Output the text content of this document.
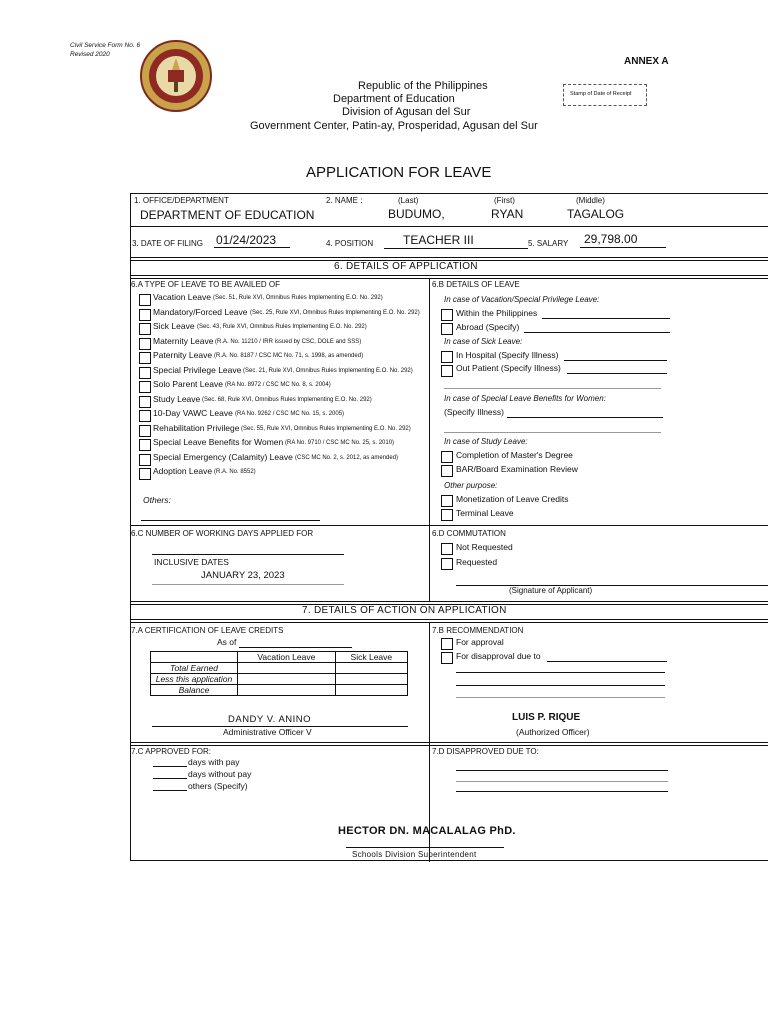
Civil Service Form No. 6
Revised 2020
ANNEX A
Stamp of Date of Receipt
Republic of the Philippines
Department of Education
Division of Agusan del Sur
Government Center, Patin-ay, Prosperidad, Agusan del Sur
APPLICATION FOR LEAVE
1. OFFICE/DEPARTMENT
DEPARTMENT OF EDUCATION
2. NAME :	(Last)	(First)	(Middle)
BUDUMO,	RYAN	TAGALOG
3. DATE OF FILING 01/24/2023	4. POSITION TEACHER III	5. SALARY 29,798.00
6. DETAILS OF APPLICATION
6.A TYPE OF LEAVE TO BE AVAILED OF
Vacation Leave (Sec. 51, Rule XVI, Omnibus Rules Implementing E.O. No. 292)
Mandatory/Forced Leave (Sec. 25, Rule XVI, Omnibus Rules Implementing E.O. No. 292)
Sick Leave (Sec. 43, Rule XVI, Omnibus Rules Implementing E.O. No. 292)
Maternity Leave (R.A. No. 11210 / IRR issued by CSC, DOLE and SSS)
Paternity Leave (R.A. No. 8187 / CSC MC No. 71, s. 1998, as amended)
Special Privilege Leave (Sec. 21, Rule XVI, Omnibus Rules Implementing E.O. No. 292)
Solo Parent Leave (RA No. 8972 / CSC MC No. 8, s. 2004)
Study Leave (Sec. 68, Rule XVI, Omnibus Rules Implementing E.O. No. 292)
10-Day VAWC Leave (RA No. 9262 / CSC MC No. 15, s. 2005)
Rehabilitation Privilege (Sec. 55, Rule XVI, Omnibus Rules Implementing E.O. No. 292)
Special Leave Benefits for Women (RA No. 9710 / CSC MC No. 25, s. 2010)
Special Emergency (Calamity) Leave (CSC MC No. 2, s. 2012, as amended)
Adoption Leave (R.A. No. 8552)
Others:
6.B DETAILS OF LEAVE
In case of Vacation/Special Privilege Leave:
Within the Philippines
Abroad (Specify)
In case of Sick Leave:
In Hospital (Specify Illness)
Out Patient (Specify Illness)
In case of Special Leave Benefits for Women:
(Specify Illness)
In case of Study Leave:
Completion of Master's Degree
BAR/Board Examination Review
Other purpose:
Monetization of Leave Credits
Terminal Leave
6.C NUMBER OF WORKING DAYS APPLIED FOR
INCLUSIVE DATES
JANUARY 23, 2023
6.D COMMUTATION
Not Requested
Requested
(Signature of Applicant)
7. DETAILS OF ACTION ON APPLICATION
7.A CERTIFICATION OF LEAVE CREDITS
As of
	Vacation Leave	Sick Leave
Total Earned		
Less this application		
Balance		
DANDY V. ANINO
Administrative Officer V
7.B RECOMMENDATION
For approval
For disapproval due to
LUIS P. RIQUE
(Authorized Officer)
7.C APPROVED FOR:
days with pay
days without pay
others (Specify)
7.D DISAPPROVED DUE TO:
HECTOR DN. MACALALAG PhD.
Schools Division Superintendent
